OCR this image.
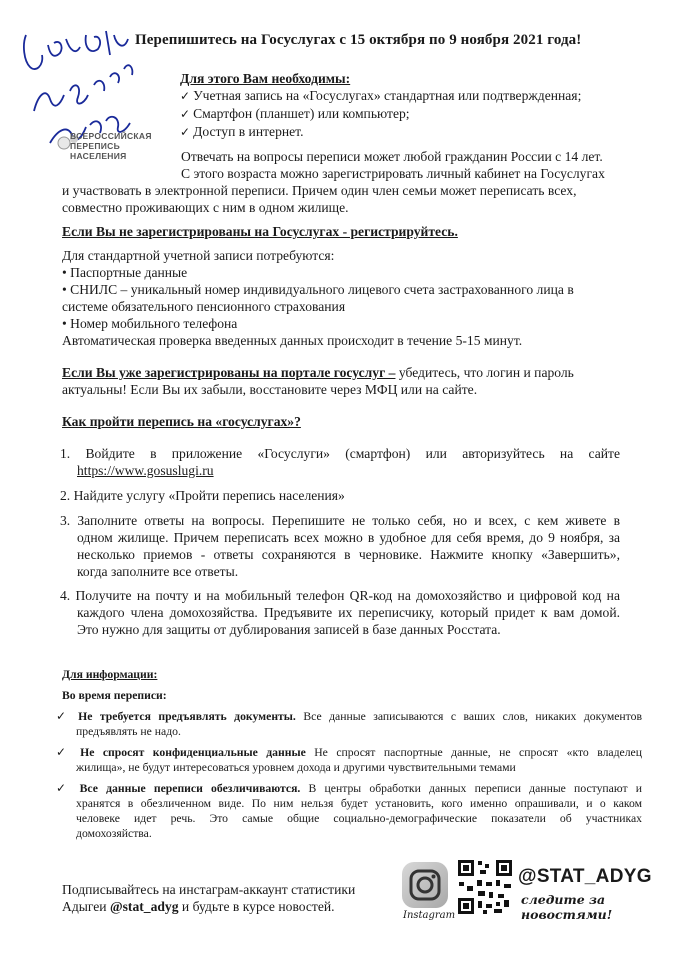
Перепишитесь на Госуслугах с 15 октября по 9 ноября 2021 года!
ВСЕРОССИЙСКАЯ
ПЕРЕПИСЬ
НАСЕЛЕНИЯ
Для этого Вам необходимы:
✓ Учетная запись на «Госуслугах» стандартная или подтвержденная;
✓ Смартфон (планшет) или компьютер;
✓ Доступ в интернет.
Отвечать на вопросы переписи может любой гражданин России с 14 лет.
С этого возраста можно зарегистрировать личный кабинет на Госуслугах
и участвовать в электронной переписи. Причем один член семьи может переписать всех,
совместно проживающих с ним в одном жилище.
Если Вы не зарегистрированы на Госуслугах - регистрируйтесь.
Для стандартной учетной записи потребуются:
• Паспортные данные
• СНИЛС – уникальный номер индивидуального лицевого счета застрахованного лица в
системе обязательного пенсионного страхования
• Номер мобильного телефона
Автоматическая проверка введенных данных происходит в течение 5-15 минут.
Если Вы уже зарегистрированы на портале госуслуг – убедитесь, что логин и пароль
актуальны! Если Вы их забыли, восстановите через МФЦ или на сайте.
Как пройти перепись на «госуслугах»?
1. Войдите в приложение «Госуслуги» (смартфон) или авторизуйтесь на сайте
https://www.gosuslugi.ru
2. Найдите услугу «Пройти перепись населения»
3. Заполните ответы на вопросы. Перепишите не только себя, но и всех, с кем живете в
одном жилище. Причем переписать всех можно в удобное для себя время, до 9 ноября, за
несколько приемов - ответы сохраняются в черновике. Нажмите кнопку «Завершить»,
когда заполните все ответы.
4. Получите на почту и на мобильный телефон QR-код на домохозяйство и цифровой код на
каждого члена домохозяйства. Предъявите их переписчику, который придет к вам домой.
Это нужно для защиты от дублирования записей в базе данных Росстата.
Для информации:
Во время переписи:
✓ Не требуется предъявлять документы. Все данные записываются с ваших слов, никаких документов
предъявлять не надо.
✓ Не спросят конфиденциальные данные Не спросят паспортные данные, не спросят «кто владелец
жилища», не будут интересоваться уровнем дохода и другими чувствительными темами
✓ Все данные переписи обезличиваются. В центры обработки данных переписи данные поступают и
хранятся в обезличенном виде. По ним нельзя будет установить, кого именно опрашивали, и о каком
человеке идет речь. Это самые общие социально-демографические показатели об участниках
домохозяйства.
Подписывайтесь на инстаграм-аккаунт статистики
Адыгеи @stat_adyg и будьте в курсе новостей.
Instagram
@STAT_ADYG
следите за новостями!
